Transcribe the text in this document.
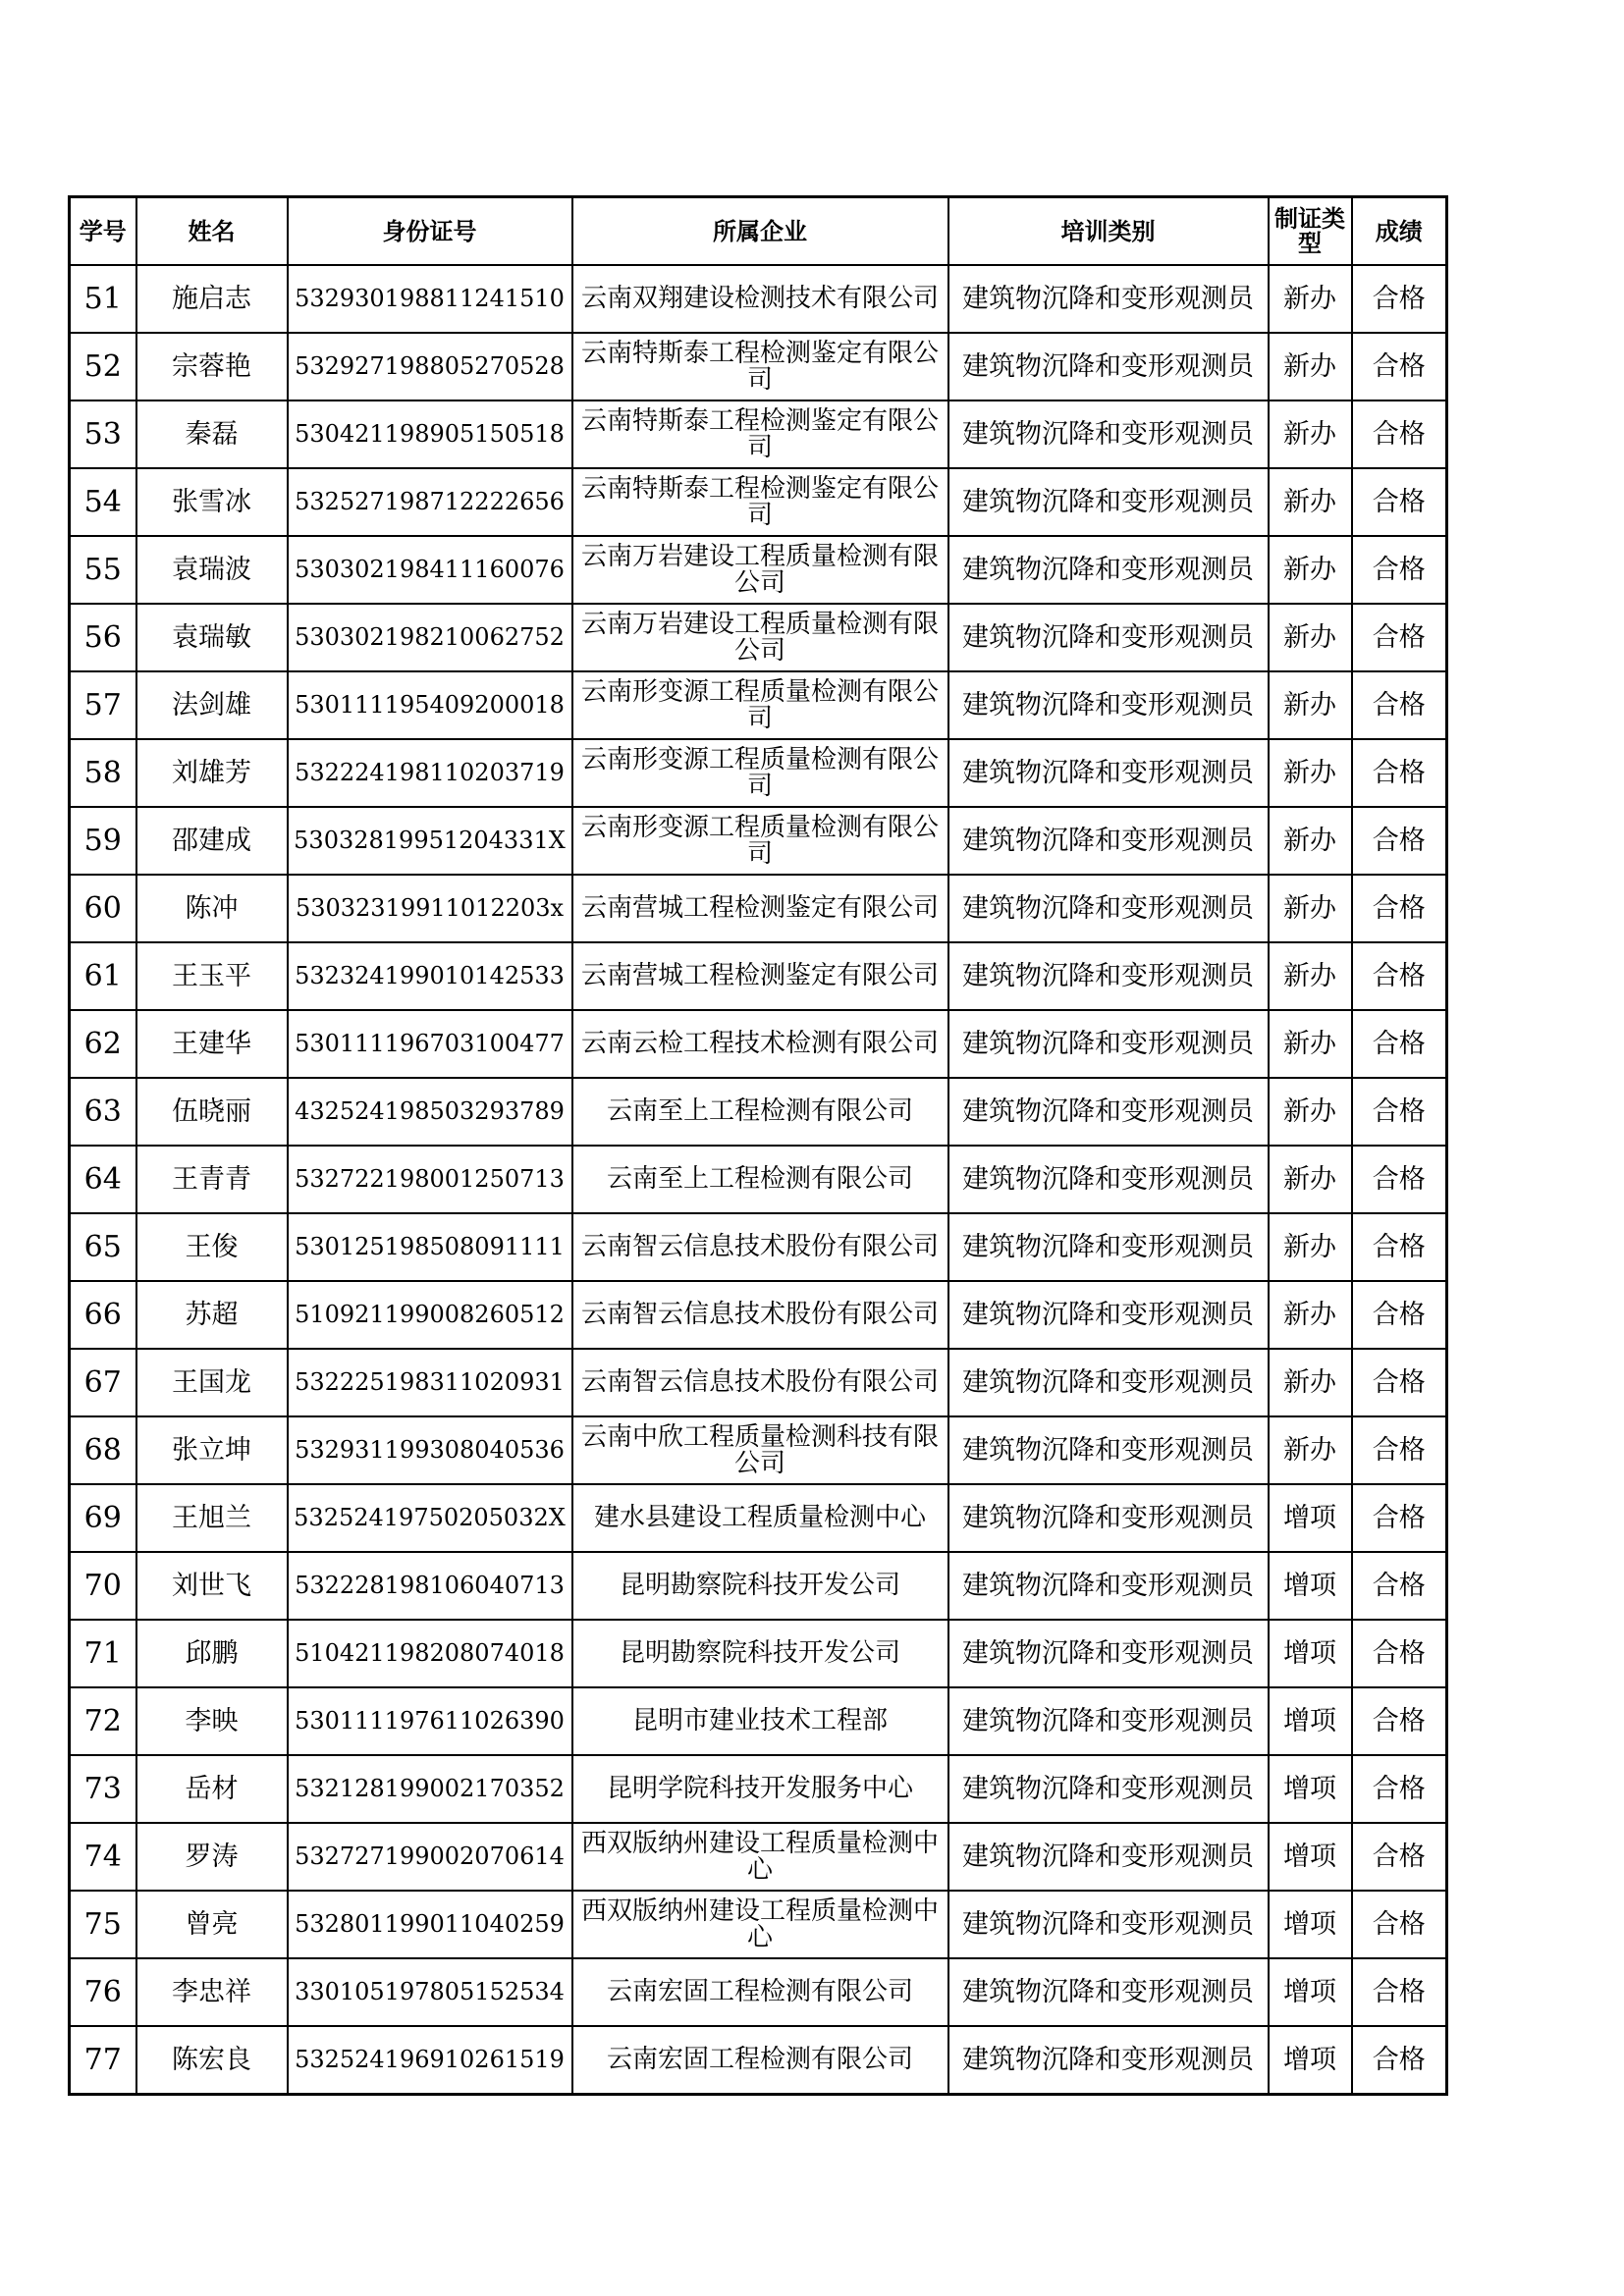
学号	姓名	身份证号	所属企业	培训类别	制证类型	成绩
51	施启志	532930198811241510	云南双翔建设检测技术有限公司	建筑物沉降和变形观测员	新办	合格
52	宗蓉艳	532927198805270528	云南特斯泰工程检测鉴定有限公司	建筑物沉降和变形观测员	新办	合格
53	秦磊	530421198905150518	云南特斯泰工程检测鉴定有限公司	建筑物沉降和变形观测员	新办	合格
54	张雪冰	532527198712222656	云南特斯泰工程检测鉴定有限公司	建筑物沉降和变形观测员	新办	合格
55	袁瑞波	530302198411160076	云南万岩建设工程质量检测有限公司	建筑物沉降和变形观测员	新办	合格
56	袁瑞敏	530302198210062752	云南万岩建设工程质量检测有限公司	建筑物沉降和变形观测员	新办	合格
57	法剑雄	530111195409200018	云南形变源工程质量检测有限公司	建筑物沉降和变形观测员	新办	合格
58	刘雄芳	532224198110203719	云南形变源工程质量检测有限公司	建筑物沉降和变形观测员	新办	合格
59	邵建成	53032819951204331X	云南形变源工程质量检测有限公司	建筑物沉降和变形观测员	新办	合格
60	陈冲	53032319911012203x	云南营城工程检测鉴定有限公司	建筑物沉降和变形观测员	新办	合格
61	王玉平	532324199010142533	云南营城工程检测鉴定有限公司	建筑物沉降和变形观测员	新办	合格
62	王建华	530111196703100477	云南云检工程技术检测有限公司	建筑物沉降和变形观测员	新办	合格
63	伍晓丽	432524198503293789	云南至上工程检测有限公司	建筑物沉降和变形观测员	新办	合格
64	王青青	532722198001250713	云南至上工程检测有限公司	建筑物沉降和变形观测员	新办	合格
65	王俊	530125198508091111	云南智云信息技术股份有限公司	建筑物沉降和变形观测员	新办	合格
66	苏超	510921199008260512	云南智云信息技术股份有限公司	建筑物沉降和变形观测员	新办	合格
67	王国龙	532225198311020931	云南智云信息技术股份有限公司	建筑物沉降和变形观测员	新办	合格
68	张立坤	532931199308040536	云南中欣工程质量检测科技有限公司	建筑物沉降和变形观测员	新办	合格
69	王旭兰	53252419750205032X	建水县建设工程质量检测中心	建筑物沉降和变形观测员	增项	合格
70	刘世飞	532228198106040713	昆明勘察院科技开发公司	建筑物沉降和变形观测员	增项	合格
71	邱鹏	510421198208074018	昆明勘察院科技开发公司	建筑物沉降和变形观测员	增项	合格
72	李映	530111197611026390	昆明市建业技术工程部	建筑物沉降和变形观测员	增项	合格
73	岳材	532128199002170352	昆明学院科技开发服务中心	建筑物沉降和变形观测员	增项	合格
74	罗涛	532727199002070614	西双版纳州建设工程质量检测中心	建筑物沉降和变形观测员	增项	合格
75	曾亮	532801199011040259	西双版纳州建设工程质量检测中心	建筑物沉降和变形观测员	增项	合格
76	李忠祥	330105197805152534	云南宏固工程检测有限公司	建筑物沉降和变形观测员	增项	合格
77	陈宏良	532524196910261519	云南宏固工程检测有限公司	建筑物沉降和变形观测员	增项	合格
